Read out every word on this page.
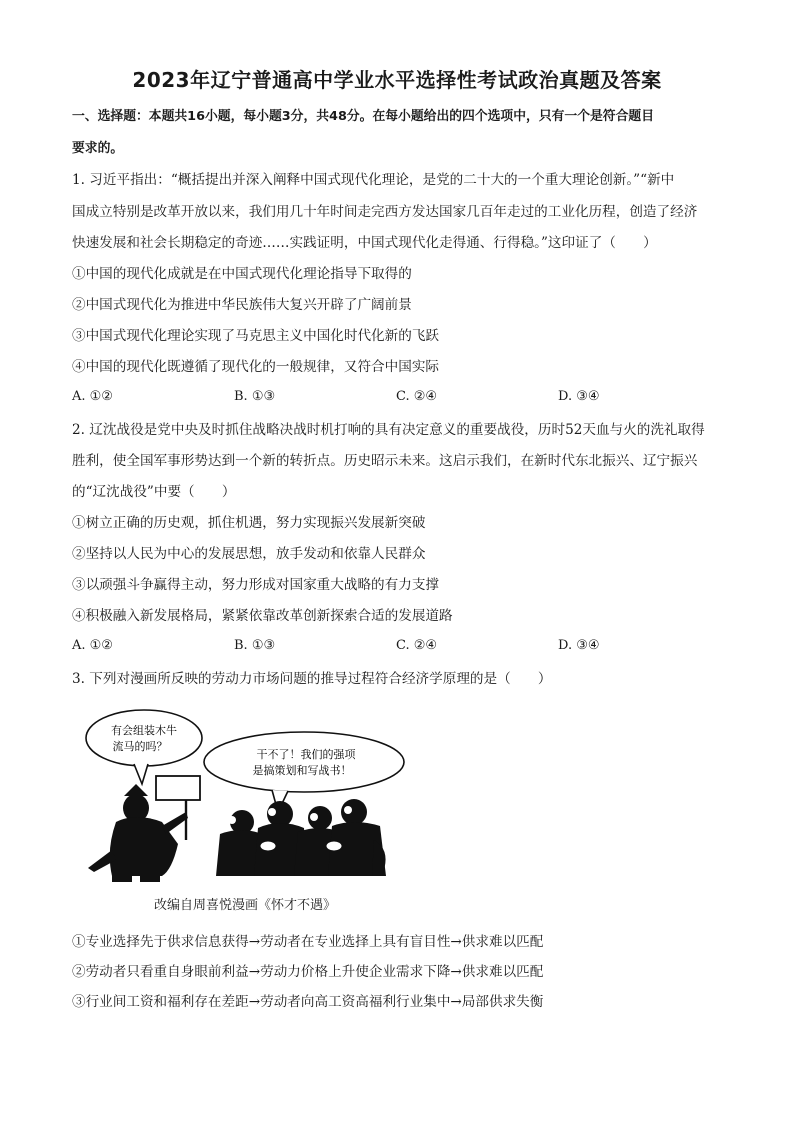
2023年辽宁普通高中学业水平选择性考试政治真题及答案
一、选择题：本题共16小题，每小题3分，共48分。在每小题给出的四个选项中，只有一个是符合题目
要求的。
1. 习近平指出：“概括提出并深入阐释中国式现代化理论，是党的二十大的一个重大理论创新。”“新中
国成立特别是改革开放以来，我们用几十年时间走完西方发达国家几百年走过的工业化历程，创造了经济
快速发展和社会长期稳定的奇迹……实践证明，中国式现代化走得通、行得稳。”这印证了（　　）
①中国的现代化成就是在中国式现代化理论指导下取得的
②中国式现代化为推进中华民族伟大复兴开辟了广阔前景
③中国式现代化理论实现了马克思主义中国化时代化新的飞跃
④中国的现代化既遵循了现代化的一般规律，又符合中国实际
A. ①②	B. ①③	C. ②④	D. ③④
2. 辽沈战役是党中央及时抓住战略决战时机打响的具有决定意义的重要战役，历时52天血与火的洗礼取得
胜利，使全国军事形势达到一个新的转折点。历史昭示未来。这启示我们，在新时代东北振兴、辽宁振兴
的“辽沈战役”中要（　　）
①树立正确的历史观，抓住机遇，努力实现振兴发展新突破
②坚持以人民为中心的发展思想，放手发动和依靠人民群众
③以顽强斗争赢得主动，努力形成对国家重大战略的有力支撑
④积极融入新发展格局，紧紧依靠改革创新探索合适的发展道路
A. ①②	B. ①③	C. ②④	D. ③④
3. 下列对漫画所反映的劳动力市场问题的推导过程符合经济学原理的是（　　）
有会组装木牛
流马的吗？
干不了！我们的强项
是搞策划和写战书！
改编自周喜悦漫画《怀才不遇》
①专业选择先于供求信息获得→劳动者在专业选择上具有盲目性→供求难以匹配
②劳动者只看重自身眼前利益→劳动力价格上升使企业需求下降→供求难以匹配
③行业间工资和福利存在差距→劳动者向高工资高福利行业集中→局部供求失衡
